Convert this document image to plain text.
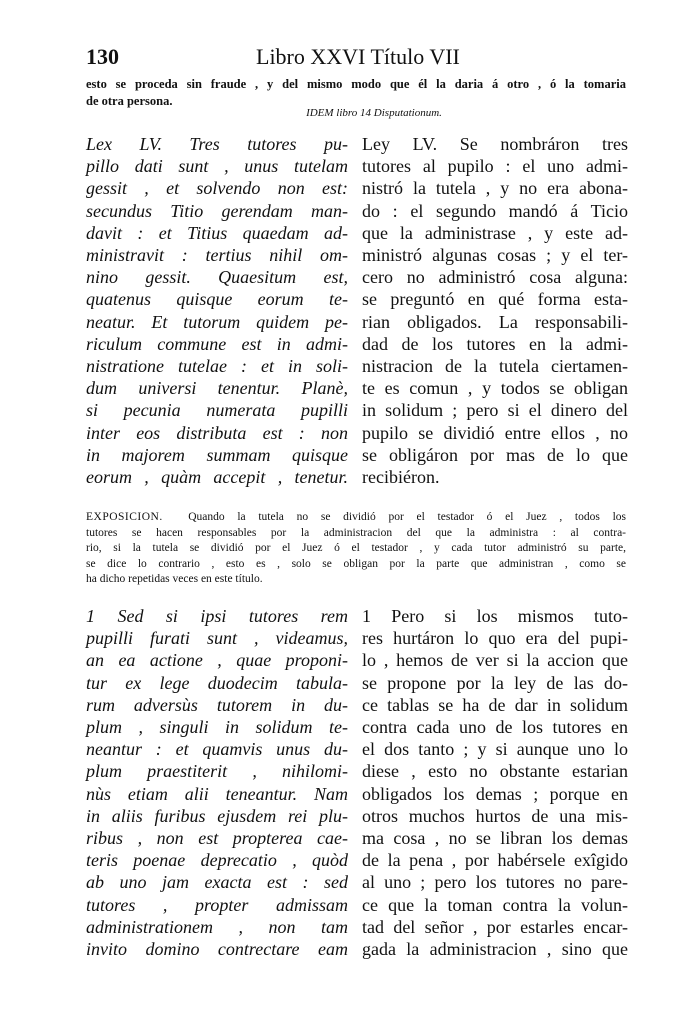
130	Libro XXVI Título VII
esto se proceda sin fraude , y del mismo modo que él la daria á otro , ó la tomaria
de otra persona.
IDEM libro 14 Disputationum.
Lex LV. Tres tutores pu-
pillo dati sunt , unus tutelam
gessit , et solvendo non est:
secundus Titio gerendam man-
davit : et Titius quaedam ad-
ministravit : tertius nihil om-
nino gessit. Quaesitum est,
quatenus quisque eorum te-
neatur. Et tutorum quidem pe-
riculum commune est in admi-
nistratione tutelae : et in soli-
dum universi tenentur. Planè,
si pecunia numerata pupilli
inter eos distributa est : non
in majorem summam quisque
eorum , quàm accepit , tenetur.
Ley LV. Se nombráron tres
tutores al pupilo : el uno admi-
nistró la tutela , y no era abona-
do : el segundo mandó á Ticio
que la administrase , y este ad-
ministró algunas cosas ; y el ter-
cero no administró cosa alguna:
se preguntó en qué forma esta-
rian obligados. La responsabili-
dad de los tutores en la admi-
nistracion de la tutela ciertamen-
te es comun , y todos se obligan
in solidum ; pero si el dinero del
pupilo se dividió entre ellos , no
se obligáron por mas de lo que
recibiéron.
EXPOSICION. Quando la tutela no se dividió por el testador ó el Juez , todos los
tutores se hacen responsables por la administracion del que la administra : al contra-
rio, si la tutela se dividió por el Juez ó el testador , y cada tutor administró su parte,
se dice lo contrario , esto es , solo se obligan por la parte que administran , como se
ha dicho repetidas veces en este título.
1 Sed si ipsi tutores rem
pupilli furati sunt , videamus,
an ea actione , quae proponi-
tur ex lege duodecim tabula-
rum adversùs tutorem in du-
plum , singuli in solidum te-
neantur : et quamvis unus du-
plum praestiterit , nihilomi-
nùs etiam alii teneantur. Nam
in aliis furibus ejusdem rei plu-
ribus , non est propterea cae-
teris poenae deprecatio , quòd
ab uno jam exacta est : sed
tutores , propter admissam
administrationem , non tam
invito domino contrectare eam
1 Pero si los mismos tuto-
res hurtáron lo quo era del pupi-
lo , hemos de ver si la accion que
se propone por la ley de las do-
ce tablas se ha de dar in solidum
contra cada uno de los tutores en
el dos tanto ; y si aunque uno lo
diese , esto no obstante estarian
obligados los demas ; porque en
otros muchos hurtos de una mis-
ma cosa , no se libran los demas
de la pena , por habérsele exîgido
al uno ; pero los tutores no pare-
ce que la toman contra la volun-
tad del señor , por estarles encar-
gada la administracion , sino que
